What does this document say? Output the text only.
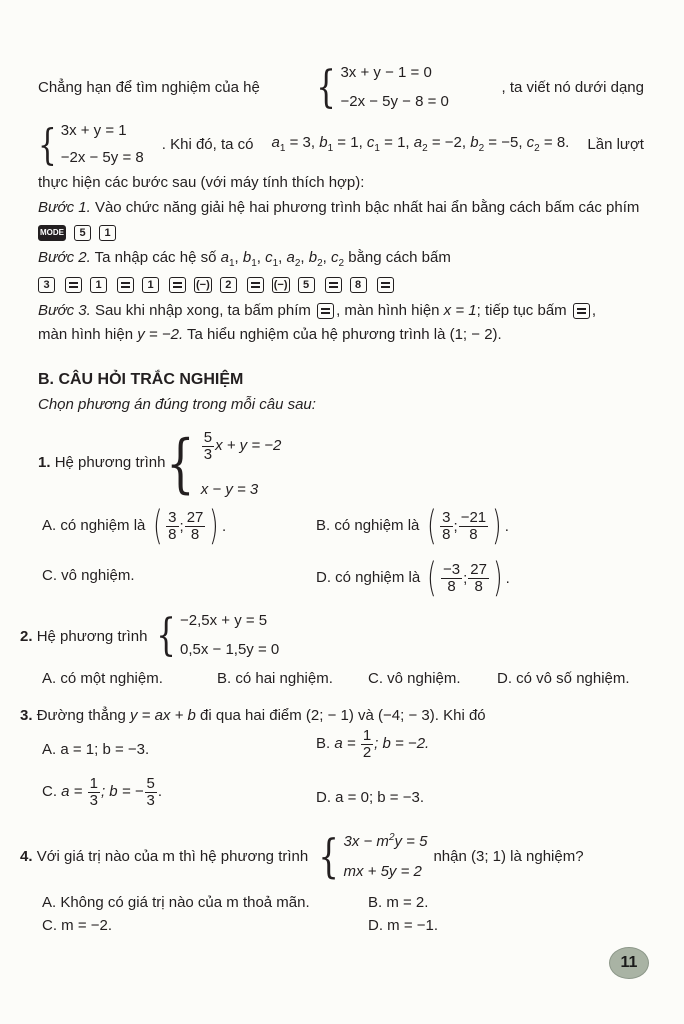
Chẳng hạn để tìm nghiệm của hệ { 3x + y − 1 = 0
−2x − 5y − 8 = 0
, ta viết nó dưới dạng
{ 3x + y = 1
−2x − 5y = 8
. Khi đó, ta có $a_1 = 3$, $b_1 = 1$, $c_1 = 1$, $a_2 = -2$, $b_2 = -5$, $c_2 = 8$. Lần lượt
thực hiện các bước sau (với máy tính thích hợp):
Bước 1. Vào chức năng giải hệ hai phương trình bậc nhất hai ẩn bằng cách bấm các phím
MODE 5 1
Bước 2. Ta nhập các hệ số $a_1$, $b_1$, $c_1$, $a_2$, $b_2$, $c_2$ bằng cách bấm
3	1	1	(−) 2	(−) 5	8
Bước 3. Sau khi nhập xong, ta bấm phím , màn hình hiện x = 1; tiếp tục bấm ,
màn hình hiện y = −2. Ta hiểu nghiệm của hệ phương trình là (1; − 2).
B. CÂU HỎI TRẮC NGHIỆM
Chọn phương án đúng trong mỗi câu sau:
1. Hệ phương trình { $\frac{5}{3}$ x + y = −2
x − y = 3
A. có nghiệm là ( $\frac{3}{8}$ ; $\frac{27}{8}$ ) .	B. có nghiệm là ( $\frac{3}{8}$ ; $\frac{-21}{8}$ ) .
C. vô nghiệm.	D. có nghiệm là ( $\frac{-3}{8}$ ; $\frac{27}{8}$ ) .
2. Hệ phương trình { −2,5x + y = 5
0,5x − 1,5y = 0
A. có một nghiệm.	B. có hai nghiệm. C. vô nghiệm. D. có vô số nghiệm.
3. Đường thẳng y = ax + b đi qua hai điểm (2; − 1) và (−4; − 3). Khi đó
A. a = 1; b = −3.	B. $a = \frac{1}{2}$ ; b = −2.
C. $a = \frac{1}{3}$ ; b = − $\frac{5}{3}$ .	D. a = 0; b = −3.
4. Với giá trị nào của m thì hệ phương trình { $3x - m^2y = 5$
mx + 5y = 2
nhận (3; 1) là nghiệm?
A. Không có giá trị nào của m thoả mãn.	B. m = 2.
C. m = −2.	D. m = −1.
11
